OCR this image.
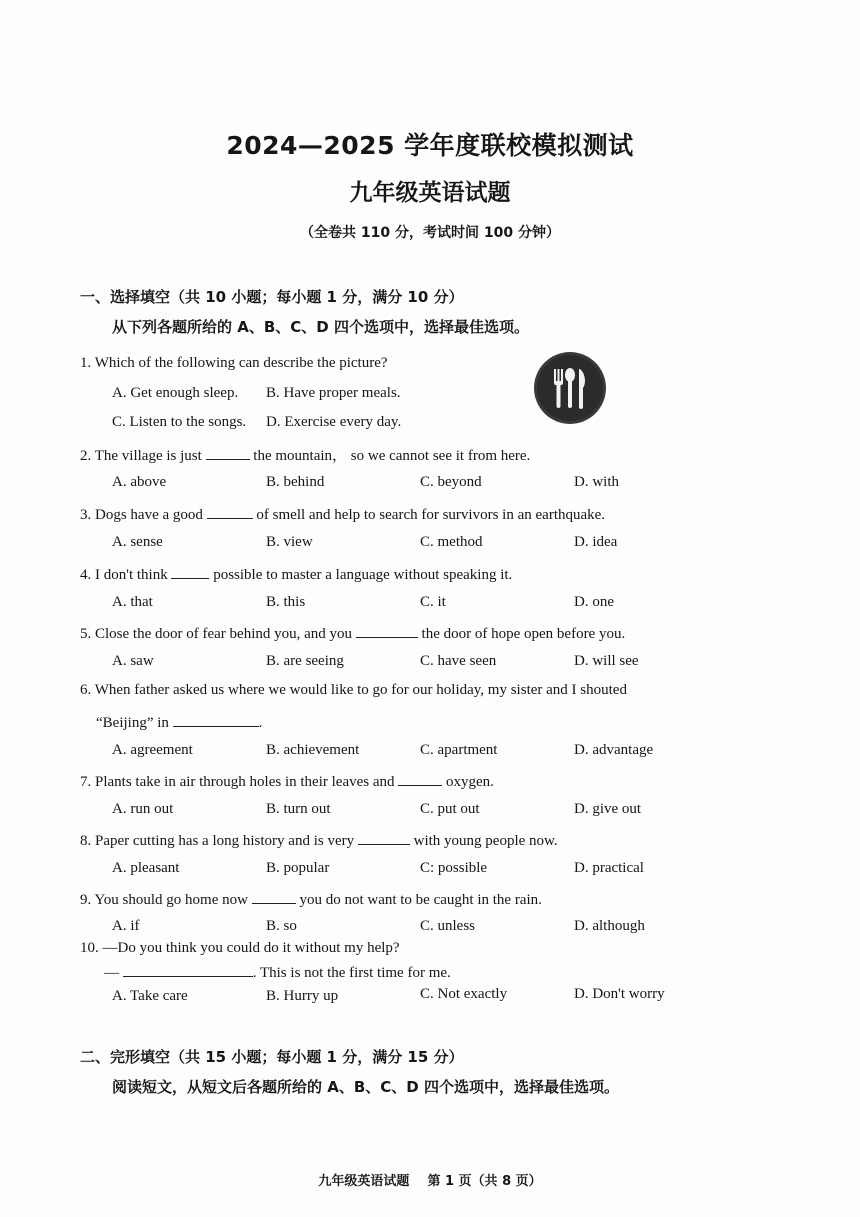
2024—2025 学年度联校模拟测试
九年级英语试题
（全卷共 110 分，考试时间 100 分钟）
一、选择填空（共 10 小题；每小题 1 分，满分 10 分）
从下列各题所给的 A、B、C、D 四个选项中，选择最佳选项。
1. Which of the following can describe the picture?
A. Get enough sleep. B. Have proper meals.
C. Listen to the songs. D. Exercise every day.
2. The village is just	the mountain， so we cannot see it from here.
A. above	B. behind	C. beyond	D. with
3. Dogs have a good	of smell and help to search for survivors in an earthquake.
A. sense	B. view	C. method	D. idea
4. I don't think	possible to master a language without speaking it.
A. that	B. this	C. it	D. one
5. Close the door of fear behind you, and you	the door of hope open before you.
A. saw	B. are seeing	C. have seen	D. will see
6. When father asked us where we would like to go for our holiday, my sister and I shouted
“Beijing” in	.
A. agreement	B. achievement	C. apartment	D. advantage
7. Plants take in air through holes in their leaves and	oxygen.
A. run out	B. turn out	C. put out	D. give out
8. Paper cutting has a long history and is very	with young people now.
A. pleasant	B. popular	C: possible	D. practical
9. You should go home now	you do not want to be caught in the rain.
A. if	B. so	C. unless	D. although
10. —Do you think you could do it without my help?
—	. This is not the first time for me.
A. Take care	B. Hurry up	C. Not exactly	D. Don't worry
二、完形填空（共 15 小题；每小题 1 分，满分 15 分）
阅读短文，从短文后各题所给的 A、B、C、D 四个选项中，选择最佳选项。
九年级英语试题    第 1 页（共 8 页）
